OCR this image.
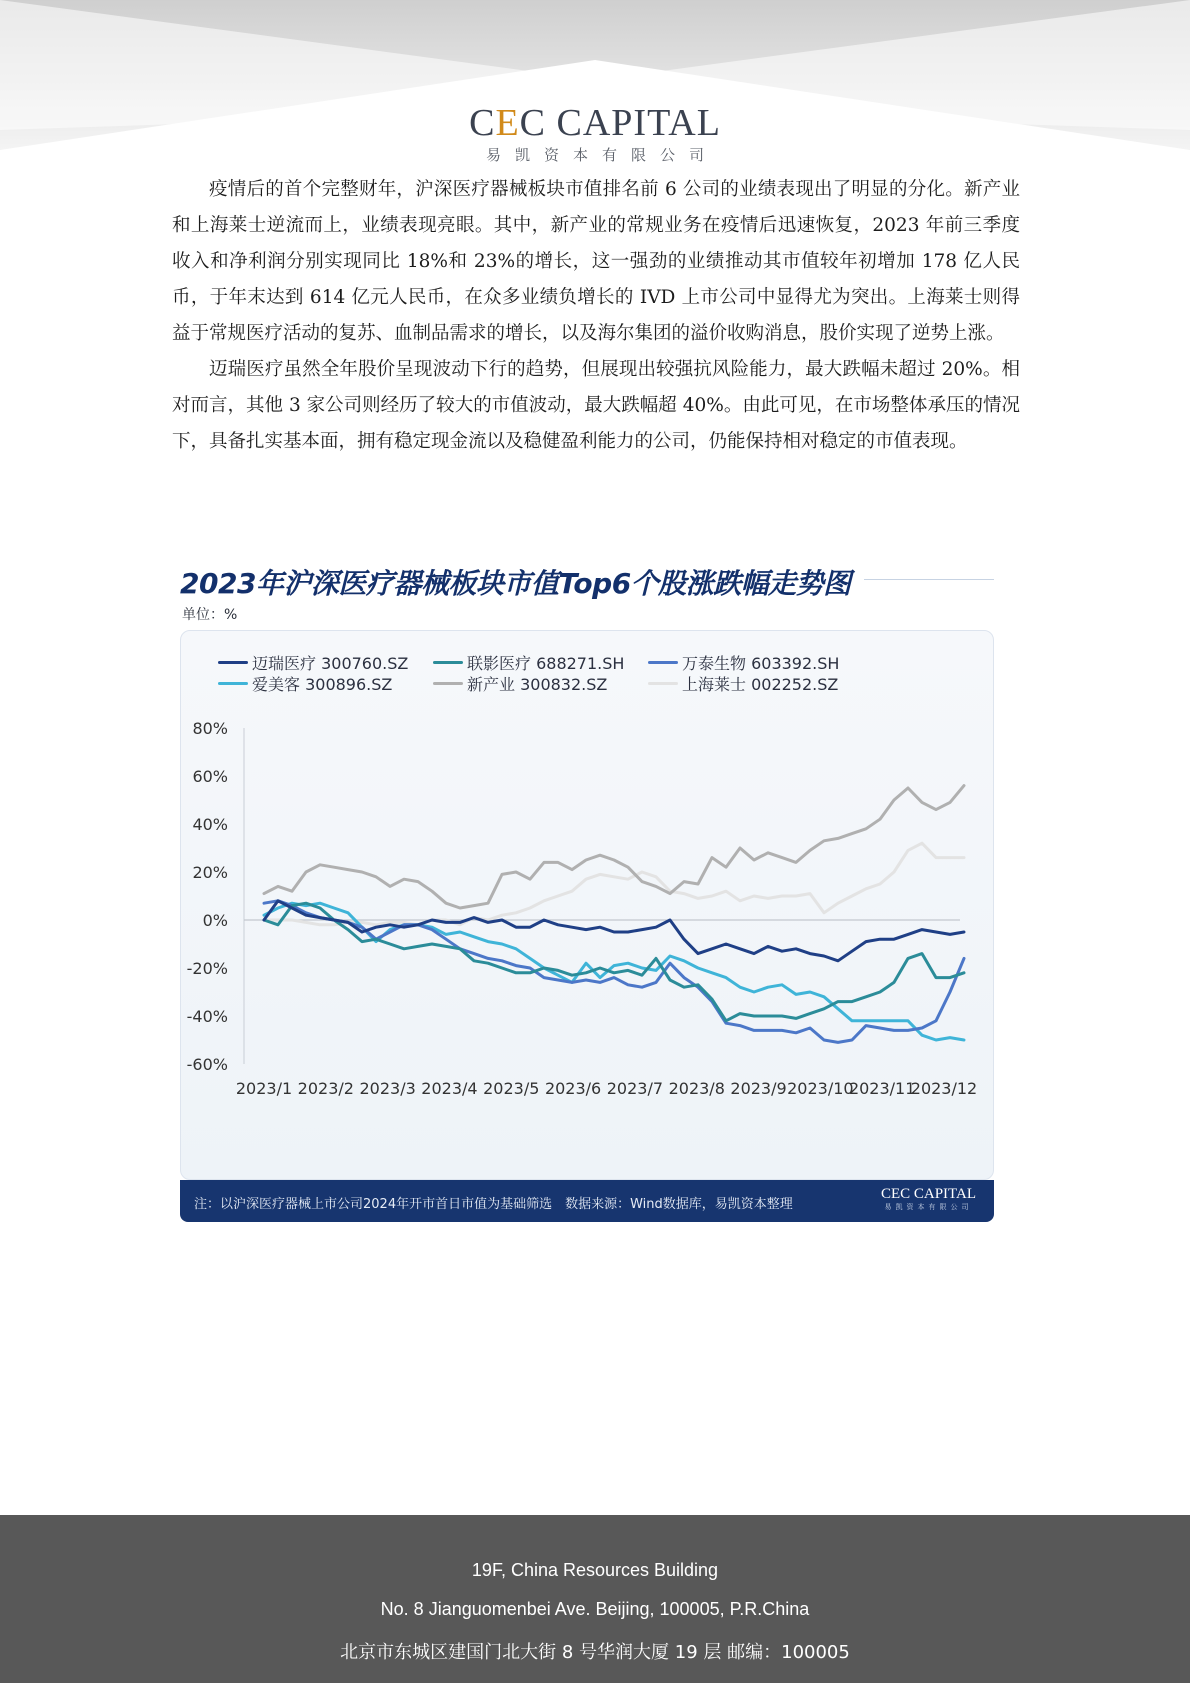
CEC CAPITAL
易凯资本有限公司

疫情后的首个完整财年，沪深医疗器械板块市值排名前 6 公司的业绩表现出了明显的分化。新产业和上海莱士逆流而上，业绩表现亮眼。其中，新产业的常规业务在疫情后迅速恢复，2023 年前三季度收入和净利润分别实现同比 18%和 23%的增长，这一强劲的业绩推动其市值较年初增加 178 亿人民币，于年末达到 614 亿元人民币，在众多业绩负增长的 IVD 上市公司中显得尤为突出。上海莱士则得益于常规医疗活动的复苏、血制品需求的增长，以及海尔集团的溢价收购消息，股价实现了逆势上涨。

迈瑞医疗虽然全年股价呈现波动下行的趋势，但展现出较强抗风险能力，最大跌幅未超过 20%。相对而言，其他 3 家公司则经历了较大的市值波动，最大跌幅超 40%。由此可见，在市场整体承压的情况下，具备扎实基本面，拥有稳定现金流以及稳健盈利能力的公司，仍能保持相对稳定的市值表现。

2023年沪深医疗器械板块市值Top6个股涨跌幅走势图
单位：%
迈瑞医疗 300760.SZ	联影医疗 688271.SH	万泰生物 603392.SH
爱美客 300896.SZ	新产业 300832.SZ	上海莱士 002252.SZ
80%
60%
40%
20%
0%
-20%
-40%
-60%
2023/1 2023/2 2023/3 2023/4 2023/5 2023/6 2023/7 2023/8 2023/9 2023/10
2023/11
2023/12
注：以沪深医疗器械上市公司2024年开市首日市值为基础筛选　数据来源：Wind数据库，易凯资本整理
CEC CAPITAL
易凯资本有限公司
19F, China Resources Building
No. 8 Jianguomenbei Ave. Beijing, 100005, P.R.China
北京市东城区建国门北大街 8 号华润大厦 19 层 邮编：100005
